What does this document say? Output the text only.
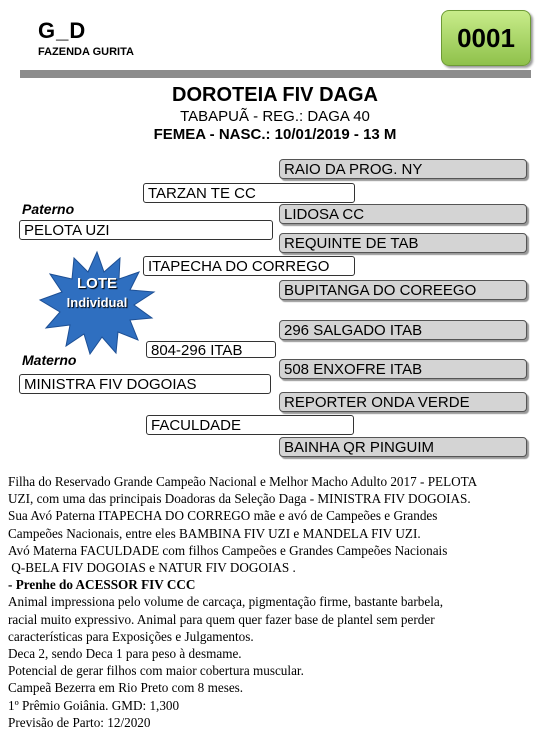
G_D
FAZENDA GURITA	0001
DOROTEIA FIV DAGA
TABAPUÃ - REG.: DAGA 40
FEMEA - NASC.: 10/01/2019 - 13 M
RAIO DA PROG. NY
TARZAN TE CC
Paterno	LIDOSA CC
PELOTA UZI
REQUINTE DE TAB
ITAPECHA DO CORREGO
BUPITANGA DO COREEGO
296 SALGADO ITAB
804-296 ITAB
Materno
508 ENXOFRE ITAB
MINISTRA FIV DOGOIAS
REPORTER ONDA VERDE
FACULDADE
BAINHA QR PINGUIM
LOTE
Individual
Filha do Reservado Grande Campeão Nacional e Melhor Macho Adulto 2017 - PELOTA
UZI, com uma das principais Doadoras da Seleção Daga - MINISTRA FIV DOGOIAS.
Sua Avó Paterna ITAPECHA DO CORREGO mãe e avó de Campeões e Grandes
Campeões Nacionais, entre eles BAMBINA FIV UZI e MANDELA FIV UZI.
Avó Materna FACULDADE com filhos Campeões e Grandes Campeões Nacionais
Q-BELA FIV DOGOIAS e NATUR FIV DOGOIAS .
- Prenhe do ACESSOR FIV CCC
Animal impressiona pelo volume de carcaça, pigmentação firme, bastante barbela,
racial muito expressivo. Animal para quem quer fazer base de plantel sem perder
características para Exposições e Julgamentos.
Deca 2, sendo Deca 1 para peso à desmame.
Potencial de gerar filhos com maior cobertura muscular.
Campeã Bezerra em Rio Preto com 8 meses.
1º Prêmio Goiânia. GMD: 1,300
Previsão de Parto: 12/2020
